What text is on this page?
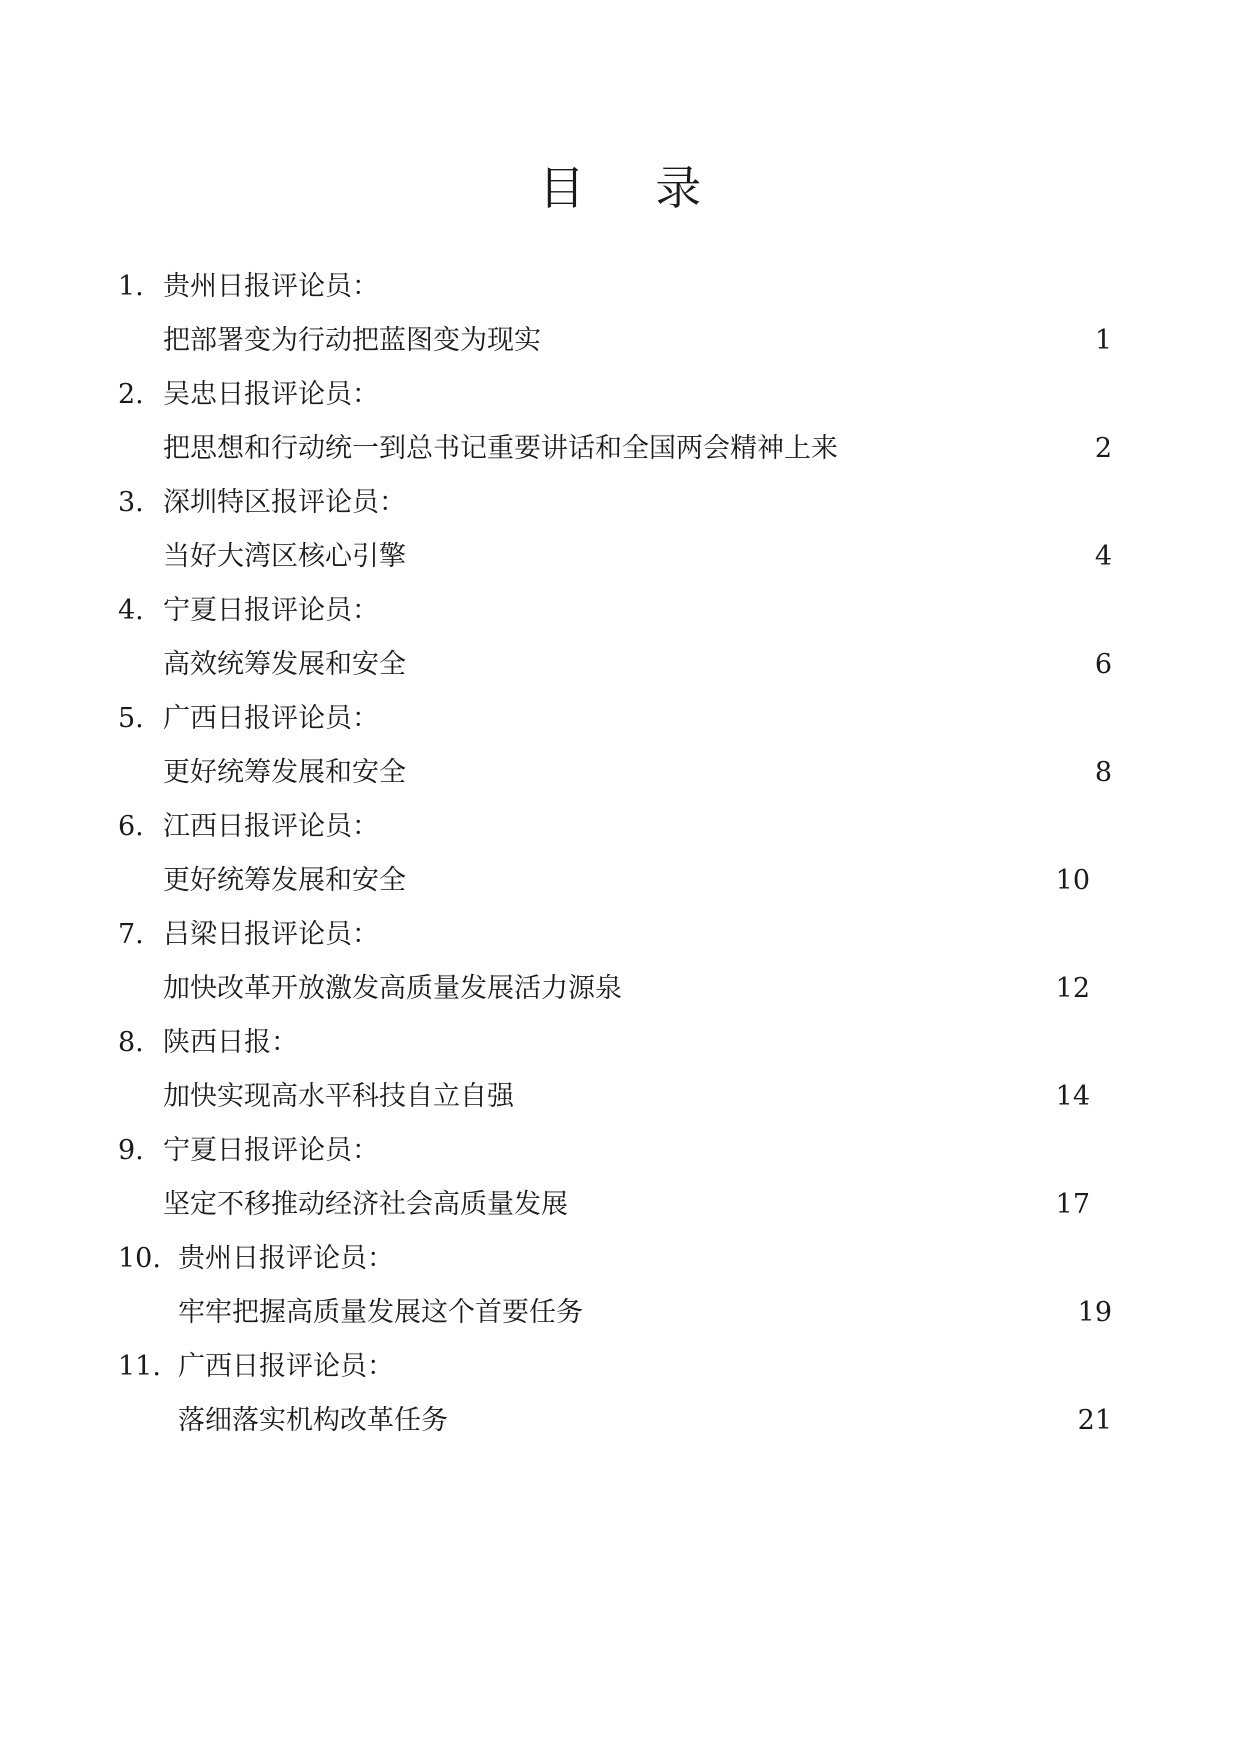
目 录
1. 贵州日报评论员：
把部署变为行动把蓝图变为现实	1
2. 吴忠日报评论员：
把思想和行动统一到总书记重要讲话和全国两会精神上来	2
3. 深圳特区报评论员：
当好大湾区核心引擎	4
4. 宁夏日报评论员：
高效统筹发展和安全	6
5. 广西日报评论员：
更好统筹发展和安全	8
6. 江西日报评论员：
更好统筹发展和安全	10
7. 吕梁日报评论员：
加快改革开放激发高质量发展活力源泉	12
8. 陕西日报：
加快实现高水平科技自立自强	14
9. 宁夏日报评论员：
坚定不移推动经济社会高质量发展	17
10. 贵州日报评论员：
牢牢把握高质量发展这个首要任务	19
11. 广西日报评论员：
落细落实机构改革任务	21
